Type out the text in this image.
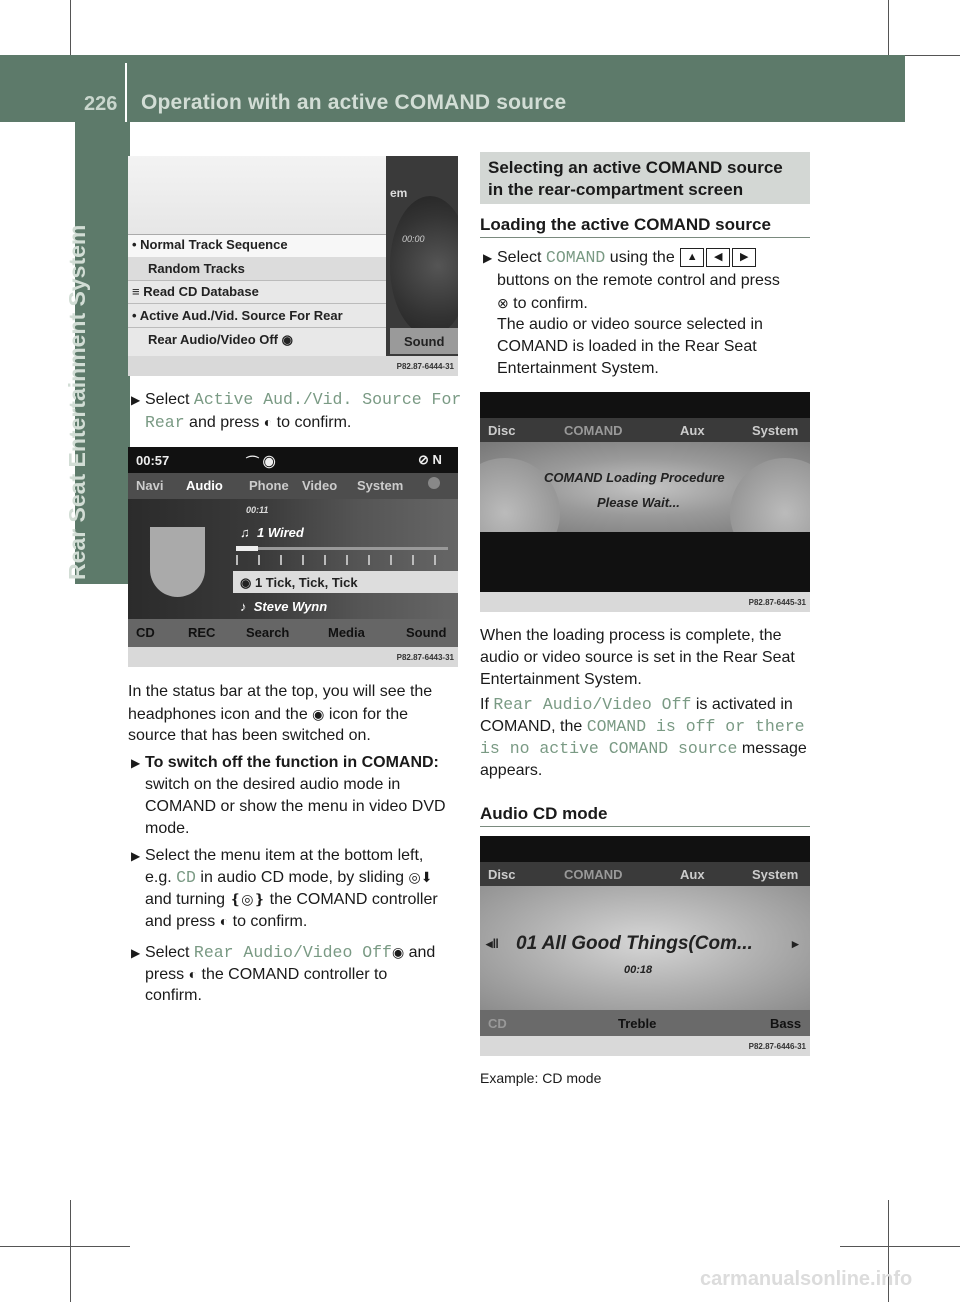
226 Operation with an active COMAND source
Rear Seat Entertainment System
em
00:00
Sound
• Normal Track Sequence
Random Tracks
≡ Read CD Database
• Active Aud./Vid. Source For Rear
Rear Audio/Video Off ◉
P82.87-6444-31
▶ Select Active Aud./Vid. Source For
Rear and press ◐ to confirm.
00:57	⌒ ◉	⊘ N
Navi Audio Phone Video System
00:11
♫  1 Wired
◉ 1 Tick, Tick, Tick
♪  Steve Wynn
CD	REC Search	Media	Sound
P82.87-6443-31
In the status bar at the top, you will see the
headphones icon and the ◉ icon for the
source that has been switched on.
▶ To switch off the function in COMAND:
switch on the desired audio mode in
COMAND or show the menu in video DVD
mode.
▶ Select the menu item at the bottom left,
e.g. CD in audio CD mode, by sliding ◎⬇
and turning ❴◎❵ the COMAND controller
and press ◐ to confirm.
▶ Select Rear Audio/Video Off◉ and
press ◐ the COMAND controller to
confirm.
Selecting an active COMAND source
in the rear-compartment screen
Loading the active COMAND source
▶ Select COMAND using the ▲ ◀ ▶
buttons on the remote control and press
⊗ to confirm.
The audio or video source selected in
COMAND is loaded in the Rear Seat
Entertainment System.
Disc	COMAND	Aux	System
COMAND Loading Procedure
Please Wait...
P82.87-6445-31
When the loading process is complete, the
audio or video source is set in the Rear Seat
Entertainment System.
If Rear Audio/Video Off is activated in
COMAND, the COMAND is off or there
is no active COMAND source message
appears.
Audio CD mode
Disc	COMAND	Aux	System
◂‖	▸
01 All Good Things(Com...
00:18
CD	Treble	Bass
P82.87-6446-31
Example: CD mode
carmanualsonline.info
